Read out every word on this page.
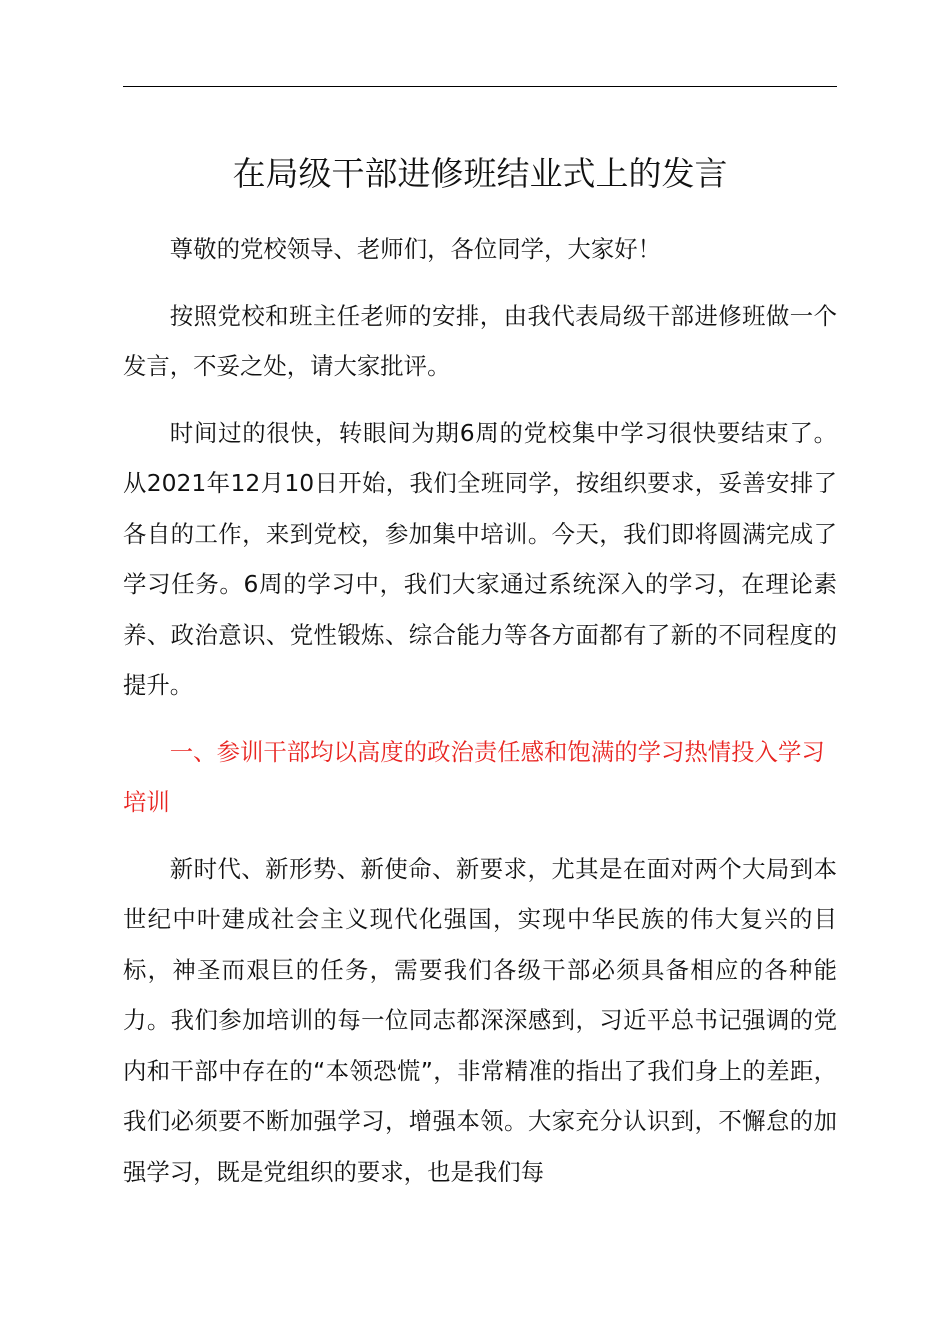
在局级干部进修班结业式上的发言

尊敬的党校领导、老师们，各位同学，大家好！

按照党校和班主任老师的安排，由我代表局级干部进修班做一个发言，不妥之处，请大家批评。

时间过的很快，转眼间为期6周的党校集中学习很快要结束了。从2021年12月10日开始，我们全班同学，按组织要求，妥善安排了各自的工作，来到党校，参加集中培训。今天，我们即将圆满完成了学习任务。6周的学习中，我们大家通过系统深入的学习，在理论素养、政治意识、党性锻炼、综合能力等各方面都有了新的不同程度的提升。

一、参训干部均以高度的政治责任感和饱满的学习热情投入学习培训

新时代、新形势、新使命、新要求，尤其是在面对两个大局到本世纪中叶建成社会主义现代化强国，实现中华民族的伟大复兴的目标，神圣而艰巨的任务，需要我们各级干部必须具备相应的各种能力。我们参加培训的每一位同志都深深感到，习近平总书记强调的党内和干部中存在的“本领恐慌”，非常精准的指出了我们身上的差距，我们必须要不断加强学习，增强本领。大家充分认识到，不懈怠的加强学习，既是党组织的要求，也是我们每
